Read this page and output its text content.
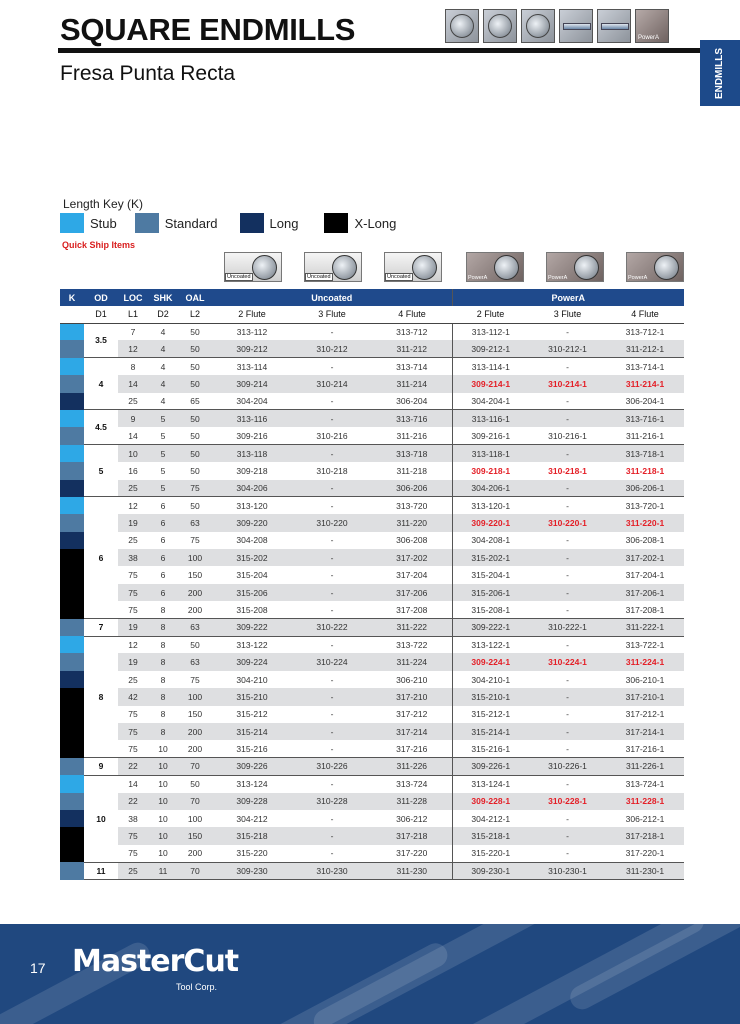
SQUARE ENDMILLS	PowerA
Fresa Punta Recta	ENDMILLS
Length Key (K)
Stub	Standard	Long	X-Long
Quick Ship Items
Uncoated	Uncoated	Uncoated	PowerA	PowerA	PowerA
K	OD	LOC	SHK	OAL	Uncoated			PowerA		
	D1	L1	D2	L2	2 Flute	3 Flute	4 Flute	2 Flute	3 Flute	4 Flute
	3.5	7	4	50	313-112	-	313-712	313-112-1	-	313-712-1
		12	4	50	309-212	310-212	311-212	309-212-1	310-212-1	311-212-1
	4	8	4	50	313-114	-	313-714	313-114-1	-	313-714-1
		14	4	50	309-214	310-214	311-214	309-214-1	310-214-1	311-214-1
		25	4	65	304-204	-	306-204	304-204-1	-	306-204-1
	4.5	9	5	50	313-116	-	313-716	313-116-1	-	313-716-1
		14	5	50	309-216	310-216	311-216	309-216-1	310-216-1	311-216-1
	5	10	5	50	313-118	-	313-718	313-118-1	-	313-718-1
		16	5	50	309-218	310-218	311-218	309-218-1	310-218-1	311-218-1
		25	5	75	304-206	-	306-206	304-206-1	-	306-206-1
	6	12	6	50	313-120	-	313-720	313-120-1	-	313-720-1
		19	6	63	309-220	310-220	311-220	309-220-1	310-220-1	311-220-1
		25	6	75	304-208	-	306-208	304-208-1	-	306-208-1
		38	6	100	315-202	-	317-202	315-202-1	-	317-202-1
		75	6	150	315-204	-	317-204	315-204-1	-	317-204-1
		75	6	200	315-206	-	317-206	315-206-1	-	317-206-1
		75	8	200	315-208	-	317-208	315-208-1	-	317-208-1
	7	19	8	63	309-222	310-222	311-222	309-222-1	310-222-1	311-222-1
	8	12	8	50	313-122	-	313-722	313-122-1	-	313-722-1
		19	8	63	309-224	310-224	311-224	309-224-1	310-224-1	311-224-1
		25	8	75	304-210	-	306-210	304-210-1	-	306-210-1
		42	8	100	315-210	-	317-210	315-210-1	-	317-210-1
		75	8	150	315-212	-	317-212	315-212-1	-	317-212-1
		75	8	200	315-214	-	317-214	315-214-1	-	317-214-1
		75	10	200	315-216	-	317-216	315-216-1	-	317-216-1
	9	22	10	70	309-226	310-226	311-226	309-226-1	310-226-1	311-226-1
	10	14	10	50	313-124	-	313-724	313-124-1	-	313-724-1
		22	10	70	309-228	310-228	311-228	309-228-1	310-228-1	311-228-1
		38	10	100	304-212	-	306-212	304-212-1	-	306-212-1
		75	10	150	315-218	-	317-218	315-218-1	-	317-218-1
		75	10	200	315-220	-	317-220	315-220-1	-	317-220-1
	11	25	11	70	309-230	310-230	311-230	309-230-1	310-230-1	311-230-1
17 MasterCut
Tool Corp.
